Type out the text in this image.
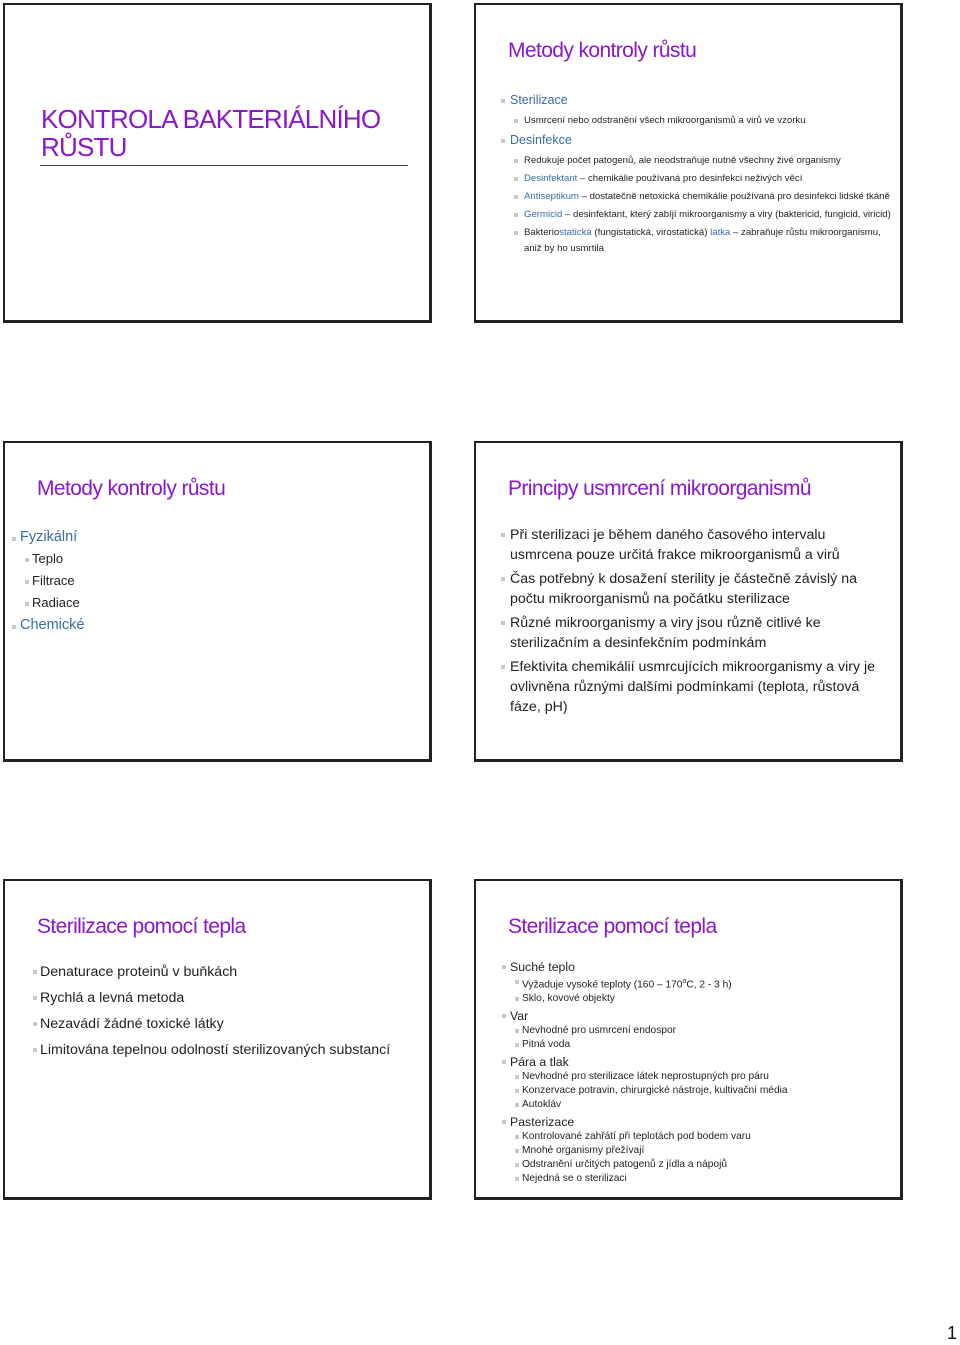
KONTROLA BAKTERIÁLNÍHO RŮSTU
Metody kontroly růstu
Sterilizace
Usmrcení nebo odstranění všech mikroorganismů a virů ve vzorku
Desinfekce
Redukuje počet patogenů, ale neodstraňuje nutně všechny živé organismy
Desinfektant – chemikálie používaná pro desinfekci neživých věcí
Antiseptikum – dostatečně netoxická chemikálie používaná pro desinfekci lidské tkáně
Germicid – desinfektant, který zabíjí mikroorganismy a viry (baktericid, fungicid, viricid)
Bakteriostatická (fungistatická, virostatická) látka – zabraňuje růstu mikroorganismu, aniž by ho usmrtila
Metody kontroly růstu
Fyzikální
Teplo
Filtrace
Radiace
Chemické
Principy usmrcení mikroorganismů
Při sterilizaci je během daného časového intervalu usmrcena pouze určitá frakce mikroorganismů a virů
Čas potřebný k dosažení sterility je částečně závislý na počtu mikroorganismů na počátku sterilizace
Různé mikroorganismy a viry jsou různě citlivé ke sterilizačním a desinfekčním podmínkám
Efektivita chemikálií usmrcujících mikroorganismy a viry je ovlivněna různými dalšími podmínkami (teplota, růstová fáze, pH)
Sterilizace pomocí tepla
Denaturace proteinů v buňkách
Rychlá a levná metoda
Nezavádí žádné toxické látky
Limitována tepelnou odolností sterilizovaných substancí
Sterilizace pomocí tepla
Suché teplo
Vyžaduje vysoké teploty (160 – 170$^o$C, 2 - 3 h)
Sklo, kovové objekty
Var
Nevhodné pro usmrcení endospor
Pitná voda
Pára a tlak
Nevhodné pro sterilizace látek neprostupných pro páru
Konzervace potravin, chirurgické nástroje, kultivační média
Autokláv
Pasterizace
Kontrolované zahřátí při teplotách pod bodem varu
Mnohé organismy přežívají
Odstranění určitých patogenů z jídla a nápojů
Nejedná se o sterilizaci
1
